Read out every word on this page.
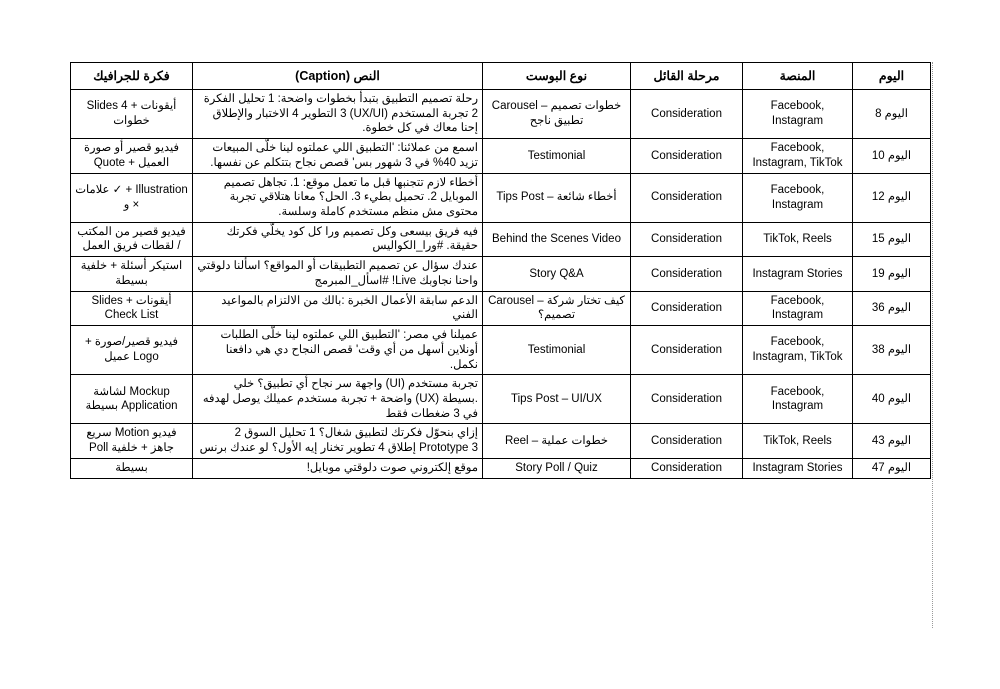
اليوم	المنصة	مرحلة القائل	نوع البوست	النص (Caption)	فكرة للجرافيك
اليوم 8	Facebook, Instagram	Consideration	Carousel – خطوات تصميم تطبيق ناجح	رحلة تصميم التطبيق بتبدأ بخطوات واضحة: 1 تحليل الفكرة 2 تجربة المستخدم (UX/UI) 3 التطوير 4 الاختبار والإطلاق إحنا معاك في كل خطوة.	أيقونات + 4 Slides خطوات
اليوم 10	Facebook, Instagram, TikTok	Consideration	Testimonial	اسمع من عملائنا: 'التطبيق اللي عملتوه لينا خلّى المبيعات تزيد 40% في 3 شهور بس' قصص نجاح بتتكلم عن نفسها.	فيديو قصير أو صورة العميل + Quote
اليوم 12	Facebook, Instagram	Consideration	Tips Post – أخطاء شائعة	أخطاء لازم تتجنبها قبل ما تعمل موقع: 1. تجاهل تصميم الموبايل 2. تحميل بطيء 3. الحل؟ معانا هتلاقي تجربة محتوى مش منظم مستخدم كاملة وسلسة.	Illustration + ✓ علامات × و
اليوم 15	TikTok, Reels	Consideration	Behind the Scenes Video	فيه فريق بيسعى وكل تصميم ورا كل كود يخلّي فكرتك حقيقة. #ورا_الكواليس	فيديو قصير من المكتب / لقطات فريق العمل
اليوم 19	Instagram Stories	Consideration	Story Q&A	عندك سؤال عن تصميم التطبيقات أو المواقع؟ اسألنا دلوقتي واحنا نجاوبك Live! #اسأل_المبرمج	استيكر أسئلة + خلفية بسيطة
اليوم 36	Facebook, Instagram	Consideration	Carousel – كيف تختار شركة تصميم؟	الدعم سابقة الأعمال الخبرة :بالك من الالتزام بالمواعيد الفني	أيقونات + Slides Check List
اليوم 38	Facebook, Instagram, TikTok	Consideration	Testimonial	عميلنا في مصر: 'التطبيق اللي عملتوه لينا خلّى الطلبات أونلاين أسهل من أي وقت' قصص النجاح دي هي دافعنا نكمل.	فيديو قصير/صورة + Logo عميل
اليوم 40	Facebook, Instagram	Consideration	Tips Post – UI/UX	تجربة مستخدم (UI) واجهة سر نجاح أي تطبيق؟ خلي .بسيطة (UX) واضحة + تجربة مستخدم عميلك يوصل لهدفه في 3 ضغطات فقط	Mockup لشاشة Application بسيطة
اليوم 43	TikTok, Reels	Consideration	Reel – خطوات عملية	إزاي بنحوّل فكرتك لتطبيق شغال؟ 1 تحليل السوق 2 Prototype 3 إطلاق 4 تطوير تخنار إيه الأول؟ لو عندك برنس	فيديو Motion سريع جاهز + خلفية Poll
اليوم 47	Instagram Stories	Consideration	Story Poll / Quiz	موقع إلكتروني صوت دلوقتي موبايل!	بسيطة
